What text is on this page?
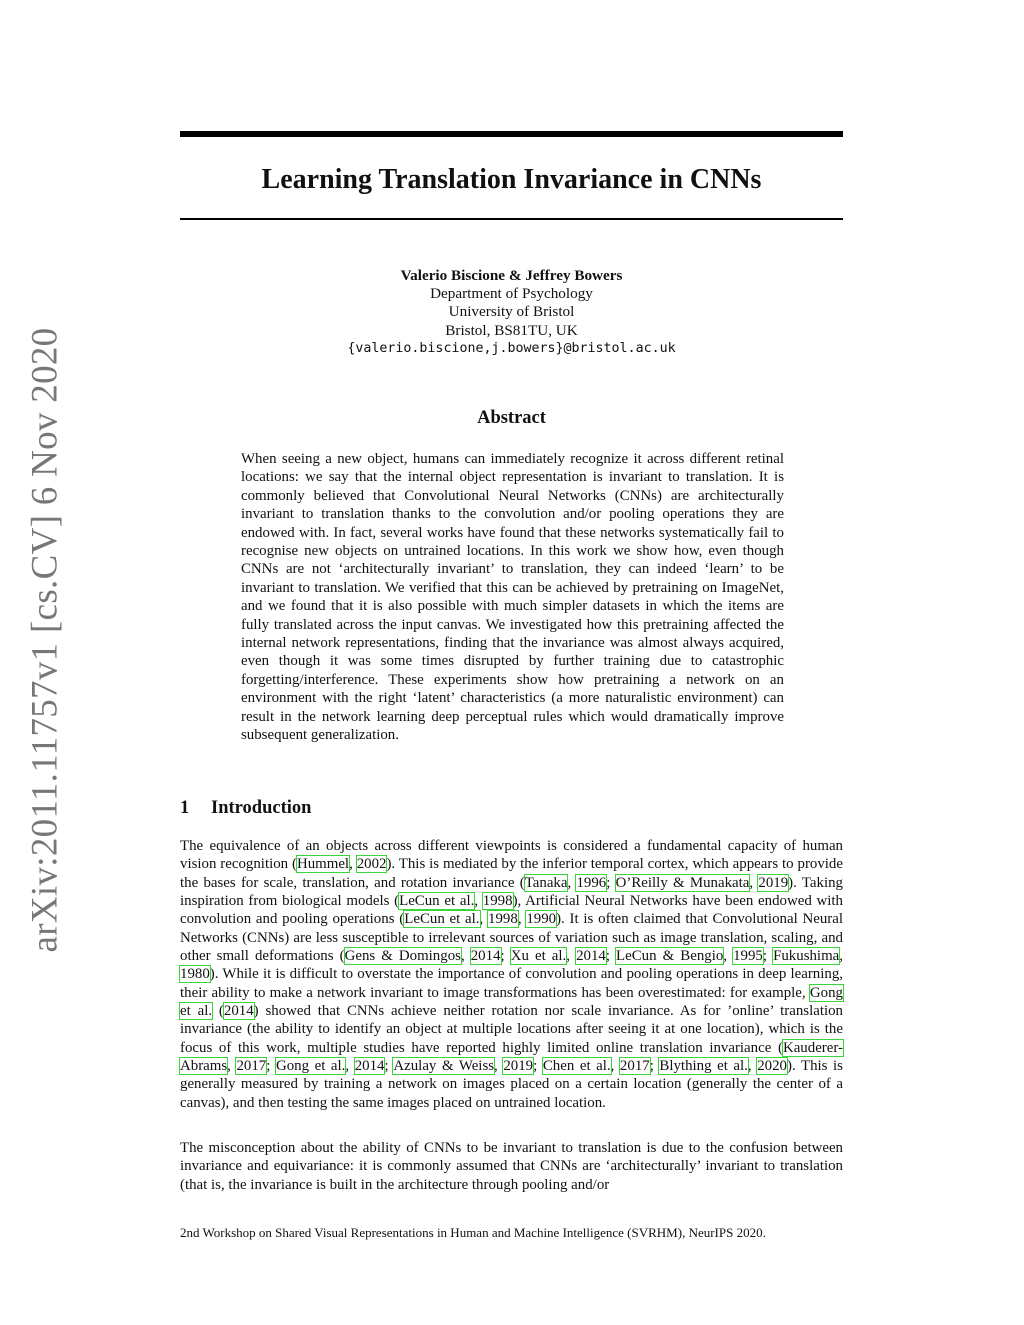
arXiv:2011.11757v1 [cs.CV] 6 Nov 2020
Learning Translation Invariance in CNNs
Valerio Biscione & Jeffrey Bowers
Department of Psychology
University of Bristol
Bristol, BS81TU, UK
{valerio.biscione,j.bowers}@bristol.ac.uk
Abstract

When seeing a new object, humans can immediately recognize it across different retinal locations: we say that the internal object representation is invariant to translation. It is commonly believed that Convolutional Neural Networks (CNNs) are architecturally invariant to translation thanks to the convolution and/or pooling operations they are endowed with. In fact, several works have found that these networks systematically fail to recognise new objects on untrained locations. In this work we show how, even though CNNs are not ‘architecturally invariant’ to translation, they can indeed ‘learn’ to be invariant to translation. We verified that this can be achieved by pretraining on ImageNet, and we found that it is also possible with much simpler datasets in which the items are fully translated across the input canvas. We investigated how this pretraining affected the internal network representations, finding that the invariance was almost always acquired, even though it was some times disrupted by further training due to catastrophic forgetting/interference. These experiments show how pretraining a network on an environment with the right ‘latent’ characteristics (a more naturalistic environment) can result in the network learning deep perceptual rules which would dramatically improve subsequent generalization.

1 Introduction

The equivalence of an objects across different viewpoints is considered a fundamental capacity of human vision recognition (Hummel, 2002). This is mediated by the inferior temporal cortex, which appears to provide the bases for scale, translation, and rotation invariance (Tanaka, 1996; O’Reilly & Munakata, 2019). Taking inspiration from biological models (LeCun et al., 1998), Artificial Neural Networks have been endowed with convolution and pooling operations (LeCun et al., 1998, 1990). It is often claimed that Convolutional Neural Networks (CNNs) are less susceptible to irrelevant sources of variation such as image translation, scaling, and other small deformations (Gens & Domingos, 2014; Xu et al., 2014; LeCun & Bengio, 1995; Fukushima, 1980). While it is difficult to overstate the importance of convolution and pooling operations in deep learning, their ability to make a network invariant to image transformations has been overestimated: for example, Gong et al. (2014) showed that CNNs achieve neither rotation nor scale invariance. As for ’online’ translation invariance (the ability to identify an object at multiple locations after seeing it at one location), which is the focus of this work, multiple studies have reported highly limited online translation invariance (Kauderer-Abrams, 2017; Gong et al., 2014; Azulay & Weiss, 2019; Chen et al., 2017; Blything et al., 2020). This is generally measured by training a network on images placed on a certain location (generally the center of a canvas), and then testing the same images placed on untrained location.

The misconception about the ability of CNNs to be invariant to translation is due to the confusion between invariance and equivariance: it is commonly assumed that CNNs are ‘architecturally’ invariant to translation (that is, the invariance is built in the architecture through pooling and/or

2nd Workshop on Shared Visual Representations in Human and Machine Intelligence (SVRHM), NeurIPS 2020.
